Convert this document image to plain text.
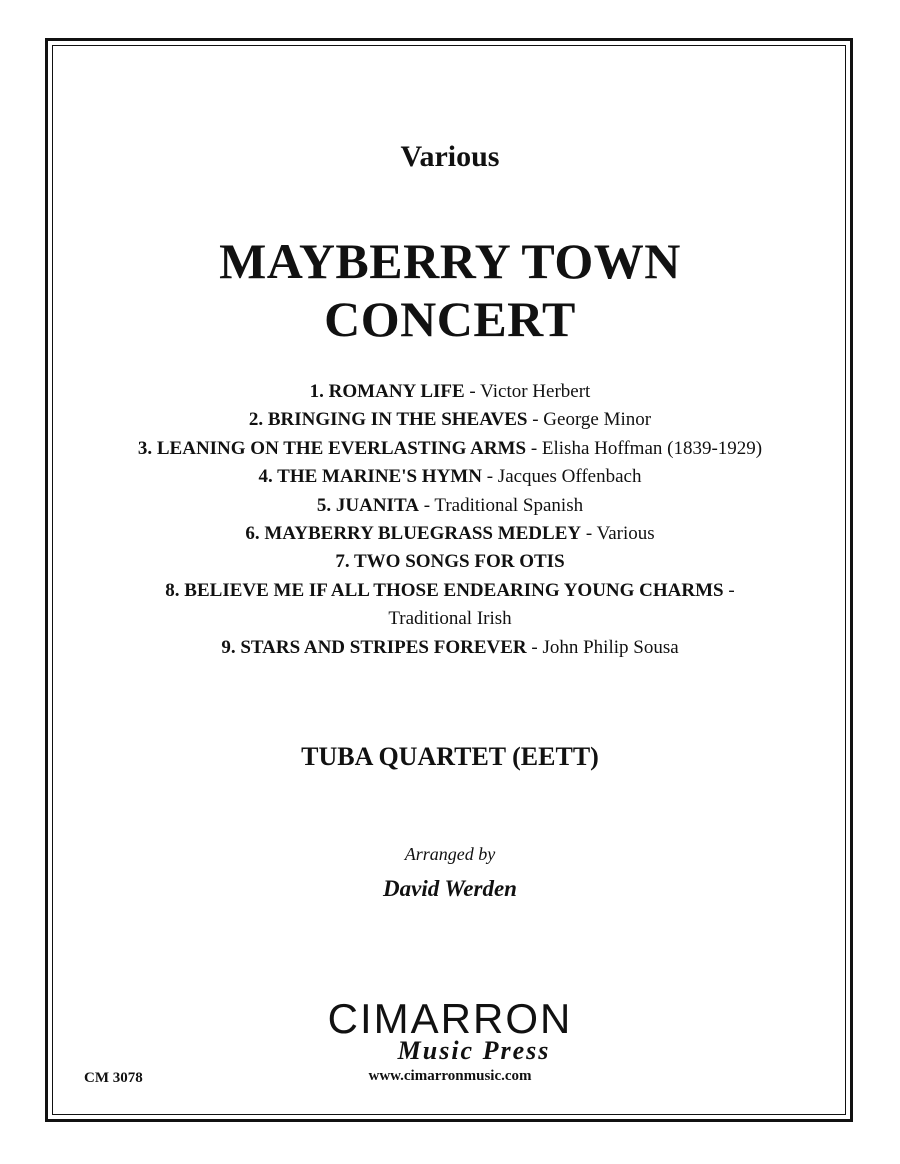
Various
MAYBERRY TOWN
CONCERT
1. ROMANY LIFE - Victor Herbert
2. BRINGING IN THE SHEAVES - George Minor
3. LEANING ON THE EVERLASTING ARMS - Elisha Hoffman (1839-1929)
4. THE MARINE'S HYMN - Jacques Offenbach
5. JUANITA - Traditional Spanish
6. MAYBERRY BLUEGRASS MEDLEY - Various
7. TWO SONGS FOR OTIS
8. BELIEVE ME IF ALL THOSE ENDEARING YOUNG CHARMS -
Traditional Irish
9. STARS AND STRIPES FOREVER - John Philip Sousa
TUBA QUARTET (EETT)
Arranged by
David Werden
CIMARRON
Music Press
www.cimarronmusic.com
CM 3078
